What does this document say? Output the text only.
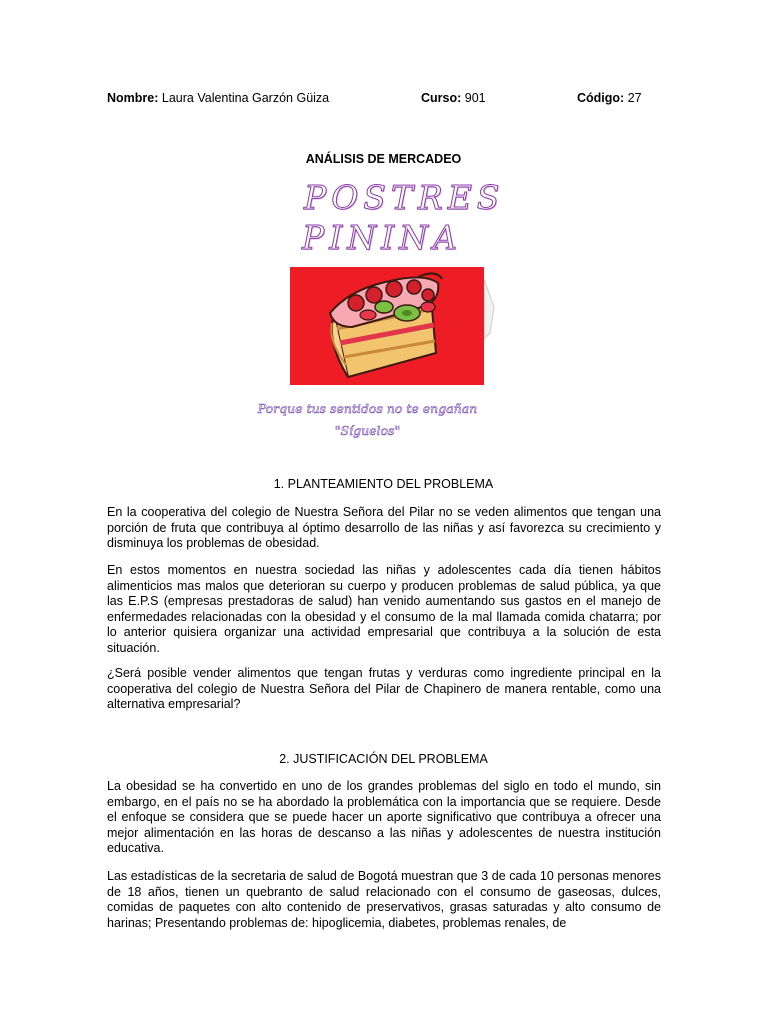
Nombre: Laura Valentina Garzón Güiza	Curso: 901	Código: 27
ANÁLISIS DE MERCADEO
POSTRES
PININA
Porque tus sentidos no te engañan
"Síguelos"
1. PLANTEAMIENTO DEL PROBLEMA

En la cooperativa del colegio de Nuestra Señora del Pilar no se veden alimentos que tengan una porción de fruta que contribuya al óptimo desarrollo de las niñas y así favorezca su crecimiento y disminuya los problemas de obesidad.

En estos momentos en nuestra sociedad las niñas y adolescentes cada día tienen hábitos alimenticios mas malos que deterioran su cuerpo y producen problemas de salud pública, ya que las E.P.S (empresas prestadoras de salud) han venido aumentando sus gastos en el manejo de enfermedades relacionadas con la obesidad y el consumo de la mal llamada comida chatarra; por lo anterior quisiera organizar una actividad empresarial que contribuya a la solución de esta situación.

¿Será posible vender alimentos que tengan frutas y verduras como ingrediente principal en la cooperativa del colegio de Nuestra Señora del Pilar de Chapinero de manera rentable, como una alternativa empresarial?

2. JUSTIFICACIÓN DEL PROBLEMA

La obesidad se ha convertido en uno de los grandes problemas del siglo en todo el mundo, sin embargo, en el país no se ha abordado la problemática con la importancia que se requiere. Desde el enfoque se considera que se puede hacer un aporte significativo que contribuya a ofrecer una mejor alimentación en las horas de descanso a las niñas y adolescentes de nuestra institución educativa.

Las estadísticas de la secretaria de salud de Bogotá muestran que 3 de cada 10 personas menores de 18 años, tienen un quebranto de salud relacionado con el consumo de gaseosas, dulces, comidas de paquetes con alto contenido de preservativos, grasas saturadas y alto consumo de harinas; Presentando problemas de: hipoglicemia, diabetes, problemas renales, de
